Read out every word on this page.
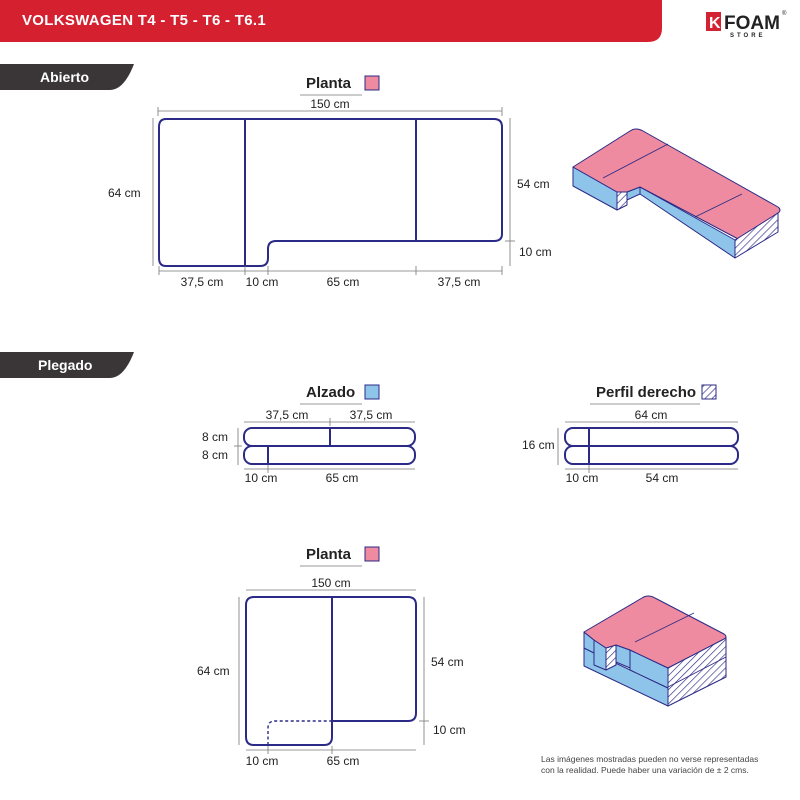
VOLKSWAGEN T4 - T5 - T6 - T6.1	K FOAM
STORE
®
Abierto
Plegado
Planta
150 cm
64 cm
54 cm
10 cm
37,5 cm 10 cm	65 cm	37,5 cm
Alzado
37,5 cm	37,5 cm
8 cm
8 cm
10 cm	65 cm
Perfil derecho
64 cm
16 cm
10 cm	54 cm
Planta
150 cm
64 cm
54 cm
10 cm
10 cm	65 cm	Las imágenes mostradas pueden no verse representadas
con la realidad. Puede haber una variación de ± 2 cms.
